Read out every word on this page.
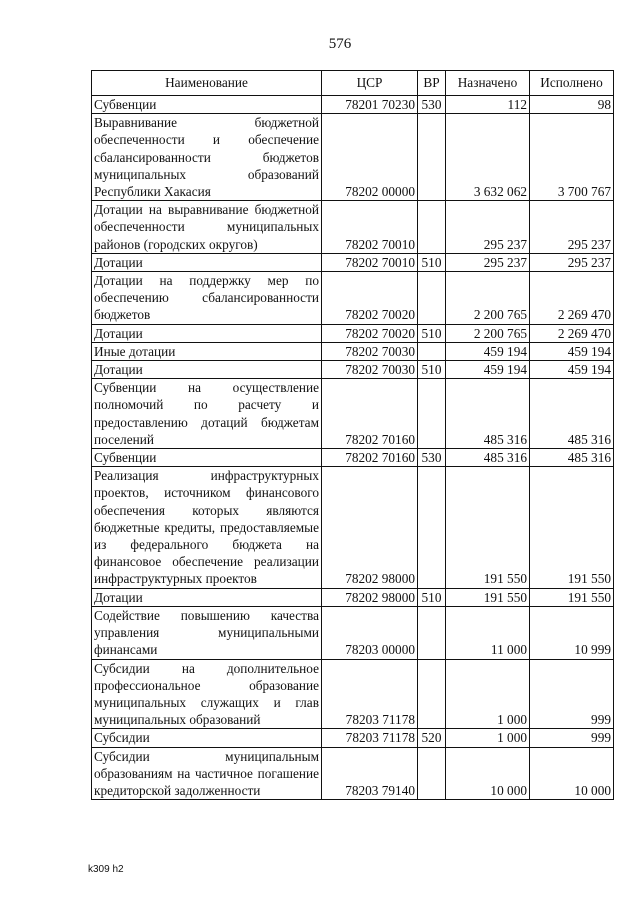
576
Наименование	ЦСР	ВР	Назначено	Исполнено
Субвенции	78201 70230	530	112	98
Выравнивание бюджетной обеспеченности и обеспечение сбалансированности бюджетов муниципальных образований Республики Хакасия	78202 00000		3 632 062	3 700 767
Дотации на выравнивание бюджетной обеспеченности муниципальных районов (городских округов)	78202 70010		295 237	295 237
Дотации	78202 70010	510	295 237	295 237
Дотации на поддержку мер по обеспечению сбалансированности бюджетов	78202 70020		2 200 765	2 269 470
Дотации	78202 70020	510	2 200 765	2 269 470
Иные дотации	78202 70030		459 194	459 194
Дотации	78202 70030	510	459 194	459 194
Субвенции на осуществление полномочий по расчету и предоставлению дотаций бюджетам поселений	78202 70160		485 316	485 316
Субвенции	78202 70160	530	485 316	485 316
Реализация инфраструктурных проектов, источником финансового обеспечения которых являются бюджетные кредиты, предоставляемые из федерального бюджета на финансовое обеспечение реализации инфраструктурных проектов	78202 98000		191 550	191 550
Дотации	78202 98000	510	191 550	191 550
Содействие повышению качества управления муниципальными финансами	78203 00000		11 000	10 999
Субсидии на дополнительное профессиональное образование муниципальных служащих и глав муниципальных образований	78203 71178		1 000	999
Субсидии	78203 71178	520	1 000	999
Субсидии муниципальным образованиям на частичное погашение кредиторской задолженности	78203 79140		10 000	10 000
k309 h2
